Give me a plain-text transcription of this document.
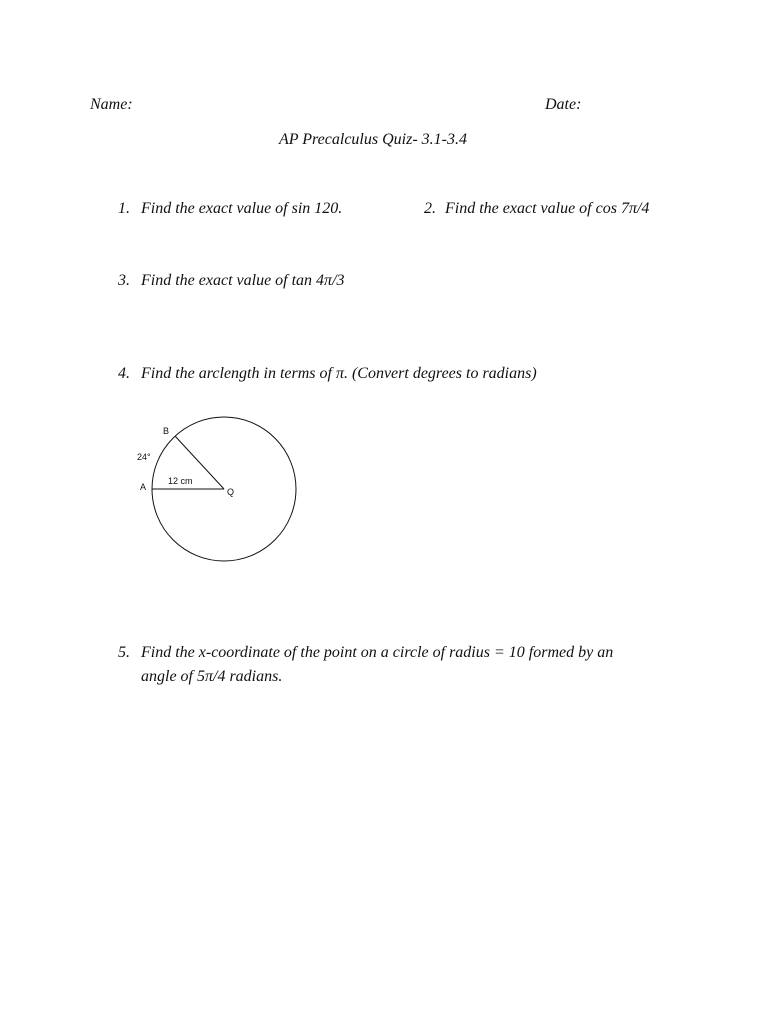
Name:	Date:
AP Precalculus Quiz- 3.1-3.4
1. Find the exact value of sin 120.	2. Find the exact value of cos 7π/4
3. Find the exact value of tan 4π/3
4. Find the arclength in terms of π. (Convert degrees to radians)
B
24°
A
12 cm
Q
5. Find the x-coordinate of the point on a circle of radius = 10 formed by an
angle of 5π/4 radians.
